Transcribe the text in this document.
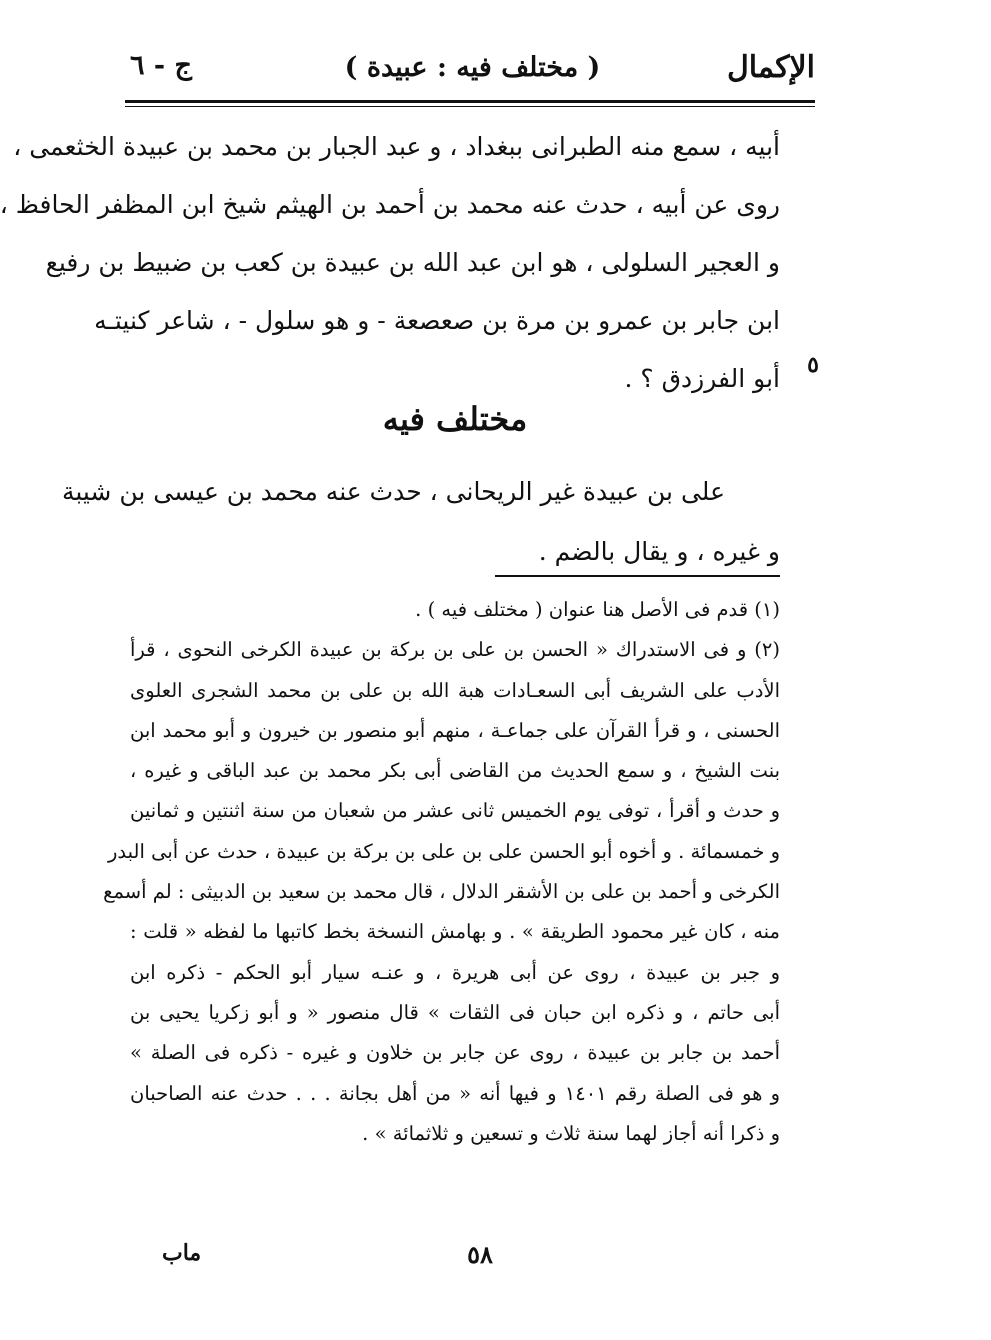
الإكمال
( مختلف فيه : عبيدة )
ج - ٦
أبيه ، سمع منه الطبرانى ببغداد ، و عبد الجبار بن محمد بن عبيدة الخثعمى ،
روى عن أبيه ، حدث عنه محمد بن أحمد بن الهيثم شيخ ابن المظفر الحافظ ،
و العجير السلولى ، هو ابن عبد الله بن عبيدة بن كعب بن ضبيط بن رفيع
ابن جابر بن عمرو بن مرة بن صعصعة - و هو سلول - ، شاعر كنيتـه
أبو الفرزدق ؟ . ٥
مختلف فيه
على بن عبيدة غير الريحانى ، حدث عنه محمد بن عيسى بن شيبة
و غيره ، و يقال بالضم .
(١) قدم فى الأصل هنا عنوان ( مختلف فيه ) .
(٢) و فى الاستدراك « الحسن بن على بن بركة بن عبيدة الكرخى النحوى ، قرأ
الأدب على الشريف أبى السعـادات هبة الله بن على بن محمد الشجرى العلوى
الحسنى ، و قرأ القرآن على جماعـة ، منهم أبو منصور بن خيرون و أبو محمد ابن
بنت الشيخ ، و سمع الحديث من القاضى أبى بكر محمد بن عبد الباقى و غيره ،
و حدث و أقرأ ، توفى يوم الخميس ثانى عشر من شعبان من سنة اثنتين و ثمانين
و خمسمائة . و أخوه أبو الحسن على بن على بن بركة بن عبيدة ، حدث عن أبى البدر
الكرخى و أحمد بن على بن الأشقر الدلال ، قال محمد بن سعيد بن الدبيثى : لم أسمع
منه ، كان غير محمود الطريقة » . و بهامش النسخة بخط كاتبها ما لفظه « قلت :
و جبر بن عبيدة ، روى عن أبى هريرة ، و عنـه سيار أبو الحكم - ذكره ابن
أبى حاتم ، و ذكره ابن حبان فى الثقات » قال منصور « و أبو زكريا يحيى بن
أحمد بن جابر بن عبيدة ، روى عن جابر بن خلاون و غيره - ذكره فى الصلة »
و هو فى الصلة رقم ١٤٠١ و فيها أنه « من أهل بجانة . . . حدث عنه الصاحبان
و ذكرا أنه أجاز لهما سنة ثلاث و تسعين و ثلاثمائة » .
٥٨
ماب
